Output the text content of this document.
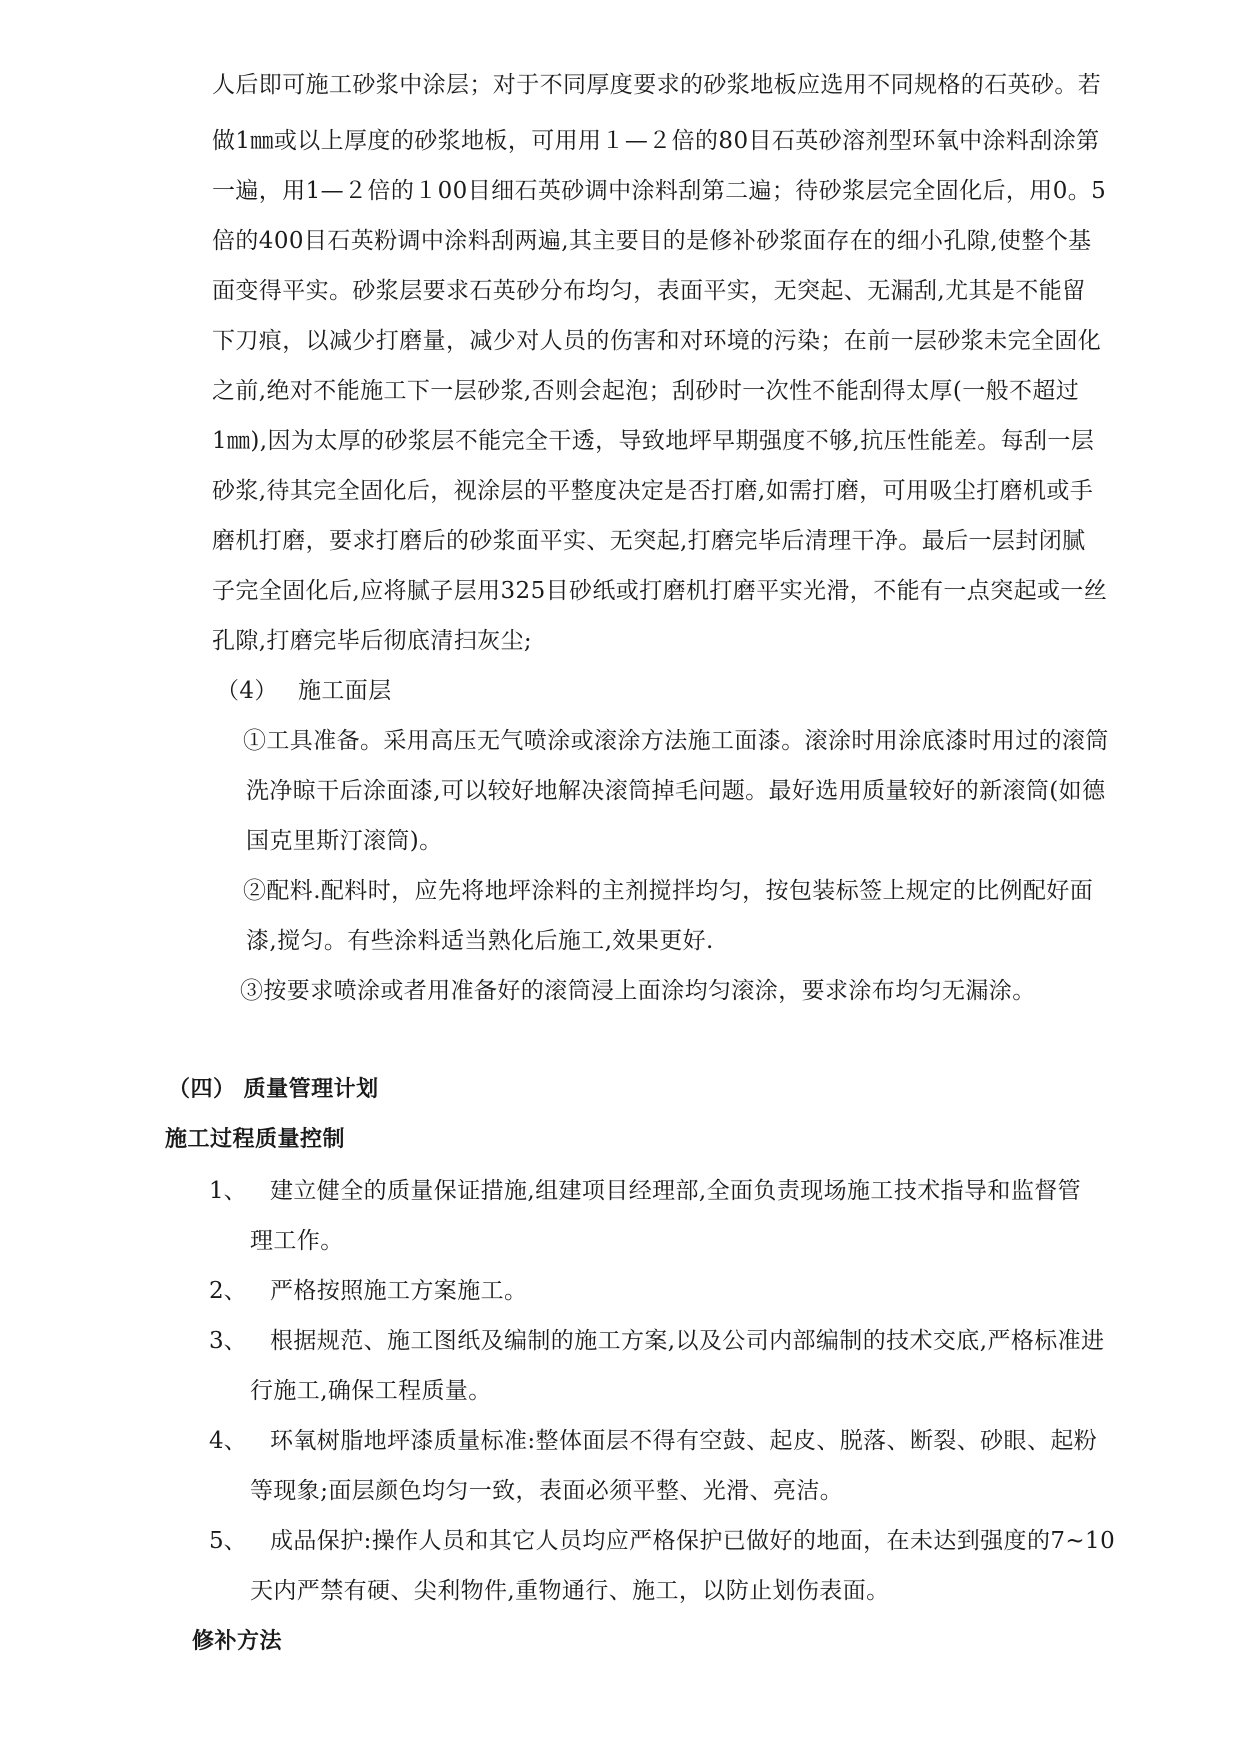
人后即可施工砂浆中涂层；对于不同厚度要求的砂浆地板应选用不同规格的石英砂。若
做1㎜或以上厚度的砂浆地板，可用用１—２倍的80目石英砂溶剂型环氧中涂料刮涂第
一遍，用1—２倍的１00目细石英砂调中涂料刮第二遍；待砂浆层完全固化后，用0。5
倍的400目石英粉调中涂料刮两遍,其主要目的是修补砂浆面存在的细小孔隙,使整个基
面变得平实。砂浆层要求石英砂分布均匀，表面平实，无突起、无漏刮,尤其是不能留
下刀痕，以减少打磨量，减少对人员的伤害和对环境的污染；在前一层砂浆未完全固化
之前,绝对不能施工下一层砂浆,否则会起泡；刮砂时一次性不能刮得太厚(一般不超过
1㎜),因为太厚的砂浆层不能完全干透，导致地坪早期强度不够,抗压性能差。每刮一层
砂浆,待其完全固化后，视涂层的平整度决定是否打磨,如需打磨，可用吸尘打磨机或手
磨机打磨，要求打磨后的砂浆面平实、无突起,打磨完毕后清理干净。最后一层封闭腻
子完全固化后,应将腻子层用325目砂纸或打磨机打磨平实光滑，不能有一点突起或一丝
孔隙,打磨完毕后彻底清扫灰尘;
（4） 施工面层
①工具准备。采用高压无气喷涂或滚涂方法施工面漆。滚涂时用涂底漆时用过的滚筒
洗净晾干后涂面漆,可以较好地解决滚筒掉毛问题。最好选用质量较好的新滚筒(如德
国克里斯汀滚筒)。
②配料.配料时，应先将地坪涂料的主剂搅拌均匀，按包装标签上规定的比例配好面
漆,搅匀。有些涂料适当熟化后施工,效果更好.
③按要求喷涂或者用准备好的滚筒浸上面涂均匀滚涂，要求涂布均匀无漏涂。
（四） 质量管理计划
施工过程质量控制
1、 建立健全的质量保证措施,组建项目经理部,全面负责现场施工技术指导和监督管
理工作。
2、 严格按照施工方案施工。
3、 根据规范、施工图纸及编制的施工方案,以及公司内部编制的技术交底,严格标准进
行施工,确保工程质量。
4、 环氧树脂地坪漆质量标准:整体面层不得有空鼓、起皮、脱落、断裂、砂眼、起粉
等现象;面层颜色均匀一致，表面必须平整、光滑、亮洁。
5、 成品保护:操作人员和其它人员均应严格保护已做好的地面，在未达到强度的7~10
天内严禁有硬、尖利物件,重物通行、施工，以防止划伤表面。
修补方法
